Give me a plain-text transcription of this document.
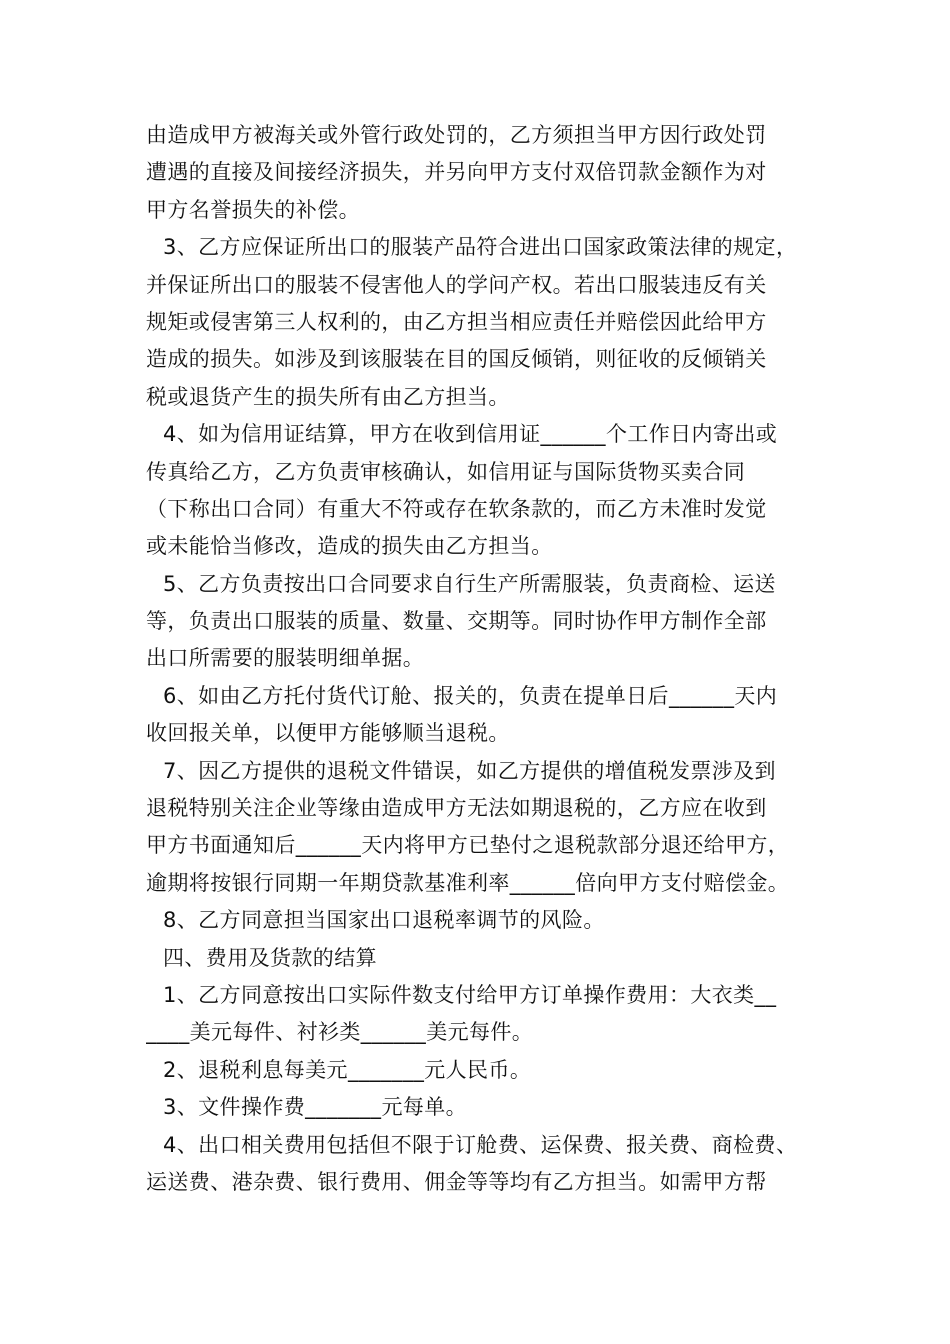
由造成甲方被海关或外管行政处罚的，乙方须担当甲方因行政处罚
遭遇的直接及间接经济损失，并另向甲方支付双倍罚款金额作为对
甲方名誉损失的补偿。
3、乙方应保证所出口的服装产品符合进出口国家政策法律的规定，
并保证所出口的服装不侵害他人的学问产权。若出口服装违反有关
规矩或侵害第三人权利的，由乙方担当相应责任并赔偿因此给甲方
造成的损失。如涉及到该服装在目的国反倾销，则征收的反倾销关
税或退货产生的损失所有由乙方担当。
4、如为信用证结算，甲方在收到信用证______个工作日内寄出或
传真给乙方，乙方负责审核确认，如信用证与国际货物买卖合同
（下称出口合同）有重大不符或存在软条款的，而乙方未准时发觉
或未能恰当修改，造成的损失由乙方担当。
5、乙方负责按出口合同要求自行生产所需服装，负责商检、运送
等，负责出口服装的质量、数量、交期等。同时协作甲方制作全部
出口所需要的服装明细单据。
6、如由乙方托付货代订舱、报关的，负责在提单日后______天内
收回报关单，以便甲方能够顺当退税。
7、因乙方提供的退税文件错误，如乙方提供的增值税发票涉及到
退税特别关注企业等缘由造成甲方无法如期退税的，乙方应在收到
甲方书面通知后______天内将甲方已垫付之退税款部分退还给甲方，
逾期将按银行同期一年期贷款基准利率______倍向甲方支付赔偿金。
8、乙方同意担当国家出口退税率调节的风险。
四、费用及货款的结算
1、乙方同意按出口实际件数支付给甲方订单操作费用：大衣类__
____美元每件、衬衫类______美元每件。
2、退税利息每美元_______元人民币。
3、文件操作费_______元每单。
4、出口相关费用包括但不限于订舱费、运保费、报关费、商检费、
运送费、港杂费、银行费用、佣金等等均有乙方担当。如需甲方帮
